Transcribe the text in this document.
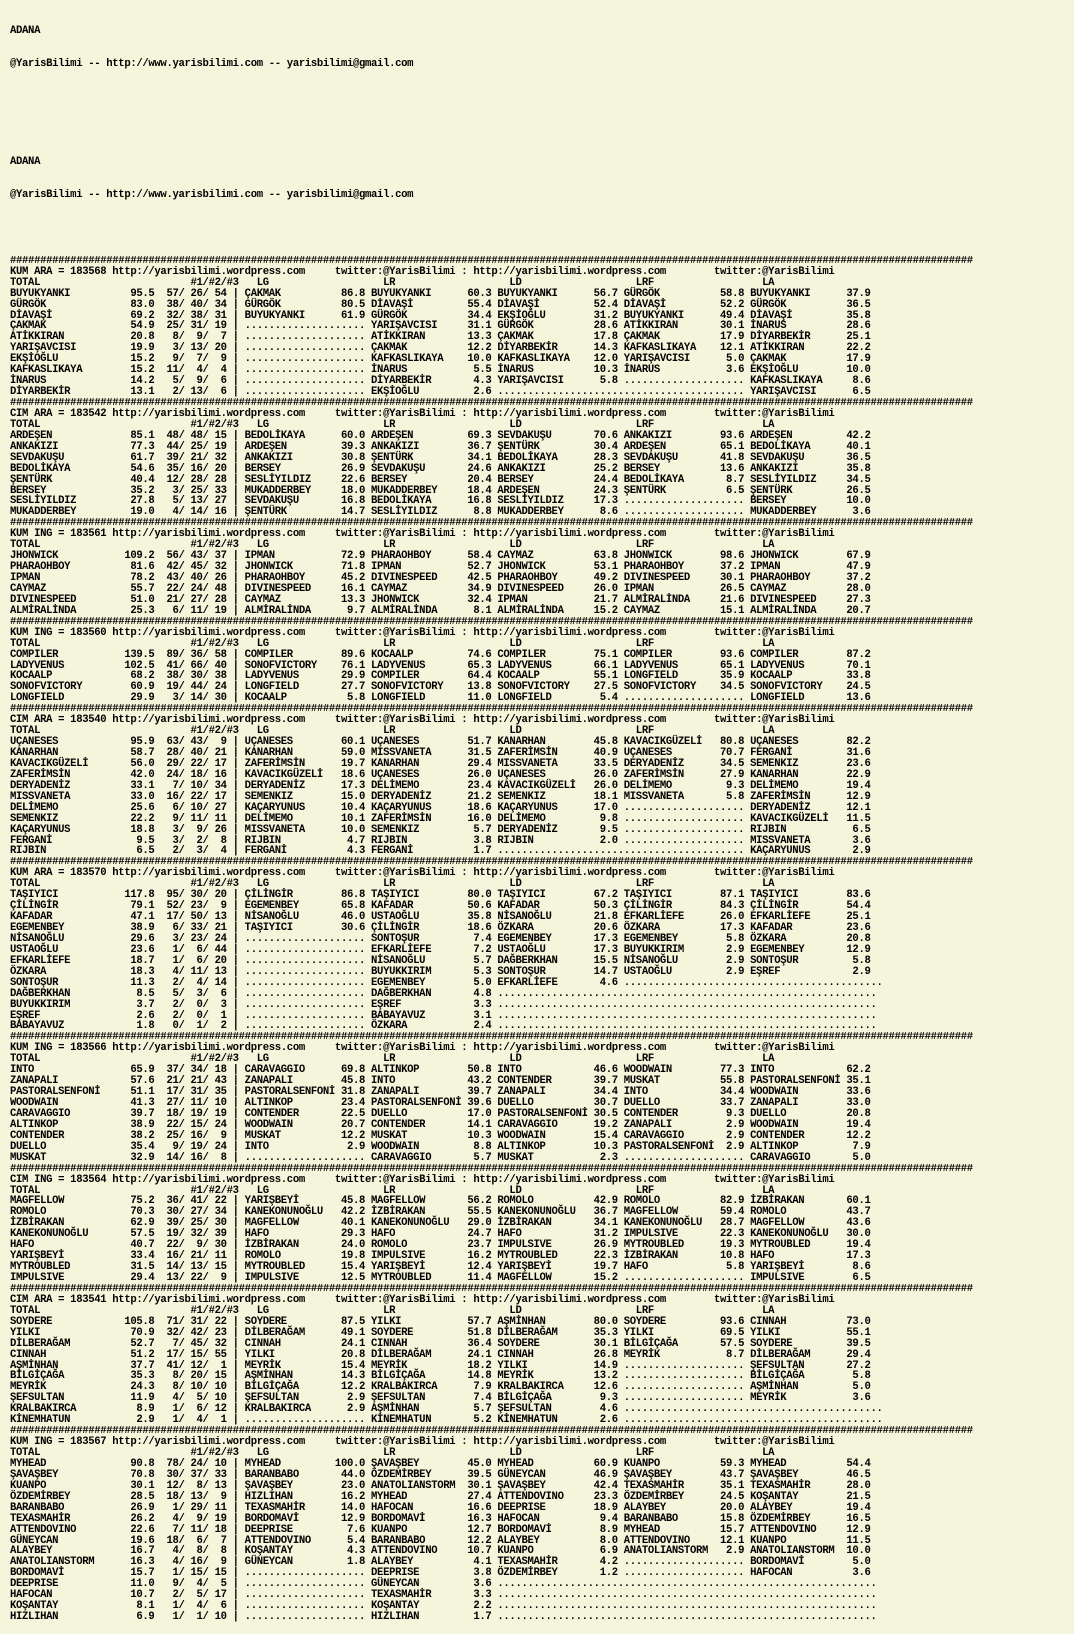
ADANA

@YarisBilimi -- http://www.yarisbilimi.com -- yarisbilimi@gmail.com

ADANA

@YarisBilimi -- http://www.yarisbilimi.com -- yarisbilimi@gmail.com

################################################################################################################################################################
KUM ARA = 183568 http://yarisbilimi.wordpress.com     twitter:@YarisBilimi : http://yarisbilimi.wordpress.com        twitter:@YarisBilimi
TOTAL                         #1/#2/#3   LG                   LR                   LD                   LRF                  LA
BUYUKYANKI          95.5  57/ 26/ 54 | ÇAKMAK          86.8 BUYUKYANKI      60.3 BUYUKYANKI      56.7 GÜRGÖK          58.8 BUYUKYANKI      37.9
GÜRGÖK              83.0  38/ 40/ 34 | GÜRGÖK          80.5 DİAVAŞİ         55.4 DİAVAŞİ         52.4 DİAVAŞİ         52.2 GÜRGÖK          36.5
DİAVAŞİ             69.2  32/ 38/ 31 | BUYUKYANKI      61.9 GÜRGÖK          34.4 EKŞİOĞLU        31.2 BUYUKYANKI      49.4 DİAVAŞİ         35.8
ÇAKMAK              54.9  25/ 31/ 19 | .................... YARIŞAVCISI     31.1 GÜRGÖK          28.6 ATİKKIRAN       30.1 İNARUS          28.6
ATİKKIRAN           20.8   8/  9/  7 | .................... ATİKKIRAN       13.3 ÇAKMAK          17.8 ÇAKMAK          17.9 DİYARBEKİR      25.1
YARIŞAVCISI         19.9   3/ 13/ 20 | .................... ÇAKMAK          12.2 DİYARBEKİR      14.3 KAFKASLIKAYA    12.1 ATİKKIRAN       22.2
EKŞİOĞLU            15.2   9/  7/  9 | .................... KAFKASLIKAYA    10.0 KAFKASLIKAYA    12.0 YARIŞAVCISI      5.0 ÇAKMAK          17.9
KAFKASLIKAYA        15.2  11/  4/  4 | .................... İNARUS           5.5 İNARUS          10.3 İNARUS           3.6 EKŞİOĞLU        10.0
İNARUS              14.2   5/  9/  6 | .................... DİYARBEKİR       4.3 YARIŞAVCISI      5.8 .................... KAFKASLIKAYA     8.6
DİYARBEKİR          13.1   2/ 13/  6 | .................... EKŞİOĞLU         2.6 ......................................... YARIŞAVCISI      6.5
################################################################################################################################################################
CIM ARA = 183542 http://yarisbilimi.wordpress.com     twitter:@YarisBilimi : http://yarisbilimi.wordpress.com        twitter:@YarisBilimi
TOTAL                         #1/#2/#3   LG                   LR                   LD                   LRF                  LA
ARDEŞEN             85.1  48/ 48/ 15 | BEDOLİKAYA      60.0 ARDEŞEN         69.3 SEVDAKUŞU       70.6 ANKAKIZI        93.6 ARDEŞEN         42.2
ANKAKIZI            77.3  44/ 25/ 19 | ARDEŞEN         39.3 ANKAKIZI        36.7 ŞENTÜRK         30.4 ARDEŞEN         65.1 BEDOLİKAYA      40.1
SEVDAKUŞU           61.7  39/ 21/ 32 | ANKAKIZI        30.8 ŞENTÜRK         34.1 BEDOLİKAYA      28.3 SEVDAKUŞU       41.8 SEVDAKUŞU       36.5
BEDOLİKAYA          54.6  35/ 16/ 20 | BERSEY          26.9 SEVDAKUŞU       24.6 ANKAKIZI        25.2 BERSEY          13.6 ANKAKIZI        35.8
ŞENTÜRK             40.4  12/ 28/ 28 | SESLİYILDIZ     22.6 BERSEY          20.4 BERSEY          24.4 BEDOLİKAYA       8.7 SESLİYILDIZ     34.5
BERSEY              35.2   3/ 25/ 33 | MUKADDERBEY     18.0 MUKADDERBEY     18.4 ARDEŞEN         24.3 ŞENTÜRK          6.5 ŞENTÜRK         26.5
SESLİYILDIZ         27.8   5/ 13/ 27 | SEVDAKUŞU       16.8 BEDOLİKAYA      16.8 SESLİYILDIZ     17.3 .................... BERSEY          10.0
MUKADDERBEY         19.0   4/ 14/ 16 | ŞENTÜRK         14.7 SESLİYILDIZ      8.8 MUKADDERBEY      8.6 .................... MUKADDERBEY      3.6
################################################################################################################################################################
KUM ING = 183561 http://yarisbilimi.wordpress.com     twitter:@YarisBilimi : http://yarisbilimi.wordpress.com        twitter:@YarisBilimi
TOTAL                         #1/#2/#3   LG                   LR                   LD                   LRF                  LA
JHONWICK           109.2  56/ 43/ 37 | IPMAN           72.9 PHARAOHBOY      58.4 CAYMAZ          63.8 JHONWICK        98.6 JHONWICK        67.9
PHARAOHBOY          81.6  42/ 45/ 32 | JHONWICK        71.8 IPMAN           52.7 JHONWICK        53.1 PHARAOHBOY      37.2 IPMAN           47.9
IPMAN               78.2  43/ 40/ 26 | PHARAOHBOY      45.2 DIVINESPEED     42.5 PHARAOHBOY      49.2 DIVINESPEED     30.1 PHARAOHBOY      37.2
CAYMAZ              55.7  22/ 24/ 48 | DIVINESPEED     16.1 CAYMAZ          34.9 DIVINESPEED     26.0 IPMAN           26.5 CAYMAZ          28.0
DIVINESPEED         51.0  21/ 27/ 28 | CAYMAZ          13.3 JHONWICK        32.4 IPMAN           21.7 ALMİRALİNDA     21.6 DIVINESPEED     27.3
ALMİRALİNDA         25.3   6/ 11/ 19 | ALMİRALİNDA      9.7 ALMİRALİNDA      8.1 ALMİRALİNDA     15.2 CAYMAZ          15.1 ALMİRALİNDA     20.7
################################################################################################################################################################
KUM ING = 183560 http://yarisbilimi.wordpress.com     twitter:@YarisBilimi : http://yarisbilimi.wordpress.com        twitter:@YarisBilimi
TOTAL                         #1/#2/#3   LG                   LR                   LD                   LRF                  LA
COMPILER           139.5  89/ 36/ 58 | COMPILER        89.6 KOCAALP         74.6 COMPILER        75.1 COMPILER        93.6 COMPILER        87.2
LADYVENUS          102.5  41/ 66/ 40 | SONOFVICTORY    76.1 LADYVENUS       65.3 LADYVENUS       66.1 LADYVENUS       65.1 LADYVENUS       70.1
KOCAALP             68.2  38/ 30/ 38 | LADYVENUS       29.9 COMPILER        64.4 KOCAALP         55.1 LONGFIELD       35.9 KOCAALP         33.8
SONOFVICTORY        60.9  19/ 44/ 24 | LONGFIELD       27.7 SONOFVICTORY    13.8 SONOFVICTORY    27.5 SONOFVICTORY    34.5 SONOFVICTORY    24.5
LONGFIELD           29.9   3/ 14/ 30 | KOCAALP          5.8 LONGFIELD       11.0 LONGFIELD        5.4 .................... LONGFIELD       13.6
################################################################################################################################################################
CIM ARA = 183540 http://yarisbilimi.wordpress.com     twitter:@YarisBilimi : http://yarisbilimi.wordpress.com        twitter:@YarisBilimi
TOTAL                         #1/#2/#3   LG                   LR                   LD                   LRF                  LA
UÇANESES            95.9  63/ 43/  9 | UÇANESES        60.1 UÇANESES        51.7 KANARHAN        45.8 KAVACIKGÜZELİ   80.8 UÇANESES        82.2
KANARHAN            58.7  28/ 40/ 21 | KANARHAN        59.0 MISSVANETA      31.5 ZAFERİMSİN      40.9 UÇANESES        70.7 FERGANİ         31.6
KAVACIKGÜZELİ       56.0  29/ 22/ 17 | ZAFERİMSİN      19.7 KANARHAN        29.4 MISSVANETA      33.5 DERYADENİZ      34.5 SEMENKIZ        23.6
ZAFERİMSİN          42.0  24/ 18/ 16 | KAVACIKGÜZELİ   18.6 UÇANESES        26.0 UÇANESES        26.0 ZAFERİMSİN      27.9 KANARHAN        22.9
DERYADENİZ          33.1   7/ 10/ 34 | DERYADENİZ      17.3 DELİMEMO        23.4 KAVACIKGÜZELİ   26.0 DELİMEMO         9.3 DELİMEMO        19.4
MISSVANETA          33.0  16/ 22/ 17 | SEMENKIZ        15.0 DERYADENİZ      21.2 SEMENKIZ        18.1 MISSVANETA       5.8 ZAFERİMSİN      12.9
DELİMEMO            25.6   6/ 10/ 27 | KAÇARYUNUS      10.4 KAÇARYUNUS      18.6 KAÇARYUNUS      17.0 .................... DERYADENİZ      12.1
SEMENKIZ            22.2   9/ 11/ 11 | DELİMEMO        10.1 ZAFERİMSİN      16.0 DELİMEMO         9.8 .................... KAVACIKGÜZELİ   11.5
KAÇARYUNUS          18.8   3/  9/ 26 | MISSVANETA      10.0 SEMENKIZ         5.7 DERYADENİZ       9.5 .................... RIJBIN           6.5
FERGANİ              9.5   3/  2/  8 | RIJBIN           4.7 RIJBIN           3.8 RIJBIN           2.0 .................... MISSVANETA       3.6
RIJBIN               6.5   2/  3/  4 | FERGANİ          4.3 FERGANİ          1.7 ......................................... KAÇARYUNUS       2.9
################################################################################################################################################################
KUM ARA = 183570 http://yarisbilimi.wordpress.com     twitter:@YarisBilimi : http://yarisbilimi.wordpress.com        twitter:@YarisBilimi
TOTAL                         #1/#2/#3   LG                   LR                   LD                   LRF                  LA
TAŞIYICI           117.8  95/ 30/ 20 | ÇİLİNGİR        86.8 TAŞIYICI        80.0 TAŞIYICI        67.2 TAŞIYICI        87.1 TAŞIYICI        83.6
ÇİLİNGİR            79.1  52/ 23/  9 | EGEMENBEY       65.8 KAFADAR         50.6 KAFADAR         50.3 ÇİLİNGİR        84.3 ÇİLİNGİR        54.4
KAFADAR             47.1  17/ 50/ 13 | NİSANOĞLU       46.0 USTAOĞLU        35.8 NİSANOĞLU       21.8 EFKARLİEFE      26.0 EFKARLİEFE      25.1
EGEMENBEY           38.9   6/ 33/ 21 | TAŞIYICI        30.6 ÇİLİNGİR        18.6 ÖZKARA          20.6 ÖZKARA          17.3 KAFADAR         23.6
NİSANOĞLU           29.6   3/ 23/ 24 | .................... SONTOŞUR         7.4 EGEMENBEY       17.3 EGEMENBEY        5.8 ÖZKARA          20.8
USTAOĞLU            23.6   1/  6/ 44 | .................... EFKARLİEFE       7.2 USTAOĞLU        17.3 BUYUKKIRIM       2.9 EGEMENBEY       12.9
EFKARLİEFE          18.7   1/  6/ 20 | .................... NİSANOĞLU        5.7 DAĞBERKHAN      15.5 NİSANOĞLU        2.9 SONTOŞUR         5.8
ÖZKARA              18.3   4/ 11/ 13 | .................... BUYUKKIRIM       5.3 SONTOŞUR        14.7 USTAOĞLU         2.9 EŞREF            2.9
SONTOŞUR            11.3   2/  4/ 14 | .................... EGEMENBEY        5.0 EFKARLİEFE       4.6 ...........................................
DAĞBERKHAN           8.5   5/  3/  6 | .................... DAĞBERKHAN       4.8 ...............................................................
BUYUKKIRIM           3.7   2/  0/  3 | .................... EŞREF            3.3 ...............................................................
EŞREF                2.6   2/  0/  1 | .................... BABAYAVUZ        3.1 ...............................................................
BABAYAVUZ            1.8   0/  1/  2 | .................... ÖZKARA           2.4 ...............................................................
################################################################################################################################################################
KUM ING = 183566 http://yarisbilimi.wordpress.com     twitter:@YarisBilimi : http://yarisbilimi.wordpress.com        twitter:@YarisBilimi
TOTAL                         #1/#2/#3   LG                   LR                   LD                   LRF                  LA
INTO                65.9  37/ 34/ 18 | CARAVAGGIO      69.8 ALTINKOP        50.8 INTO            46.6 WOODWAIN        77.3 INTO            62.2
ZANAPALI            57.6  21/ 21/ 43 | ZANAPALI        45.8 INTO            43.2 CONTENDER       39.7 MUSKAT          55.8 PASTORALSENFONİ 35.1
PASTORALSENFONİ     51.1  17/ 31/ 35 | PASTORALSENFONİ 31.8 ZANAPALI        39.7 ZANAPALI        34.4 INTO            34.4 WOODWAIN        33.6
WOODWAIN            41.3  27/ 11/ 10 | ALTINKOP        23.4 PASTORALSENFONİ 39.6 DUELLO          30.7 DUELLO          33.7 ZANAPALI        33.0
CARAVAGGIO          39.7  18/ 19/ 19 | CONTENDER       22.5 DUELLO          17.0 PASTORALSENFONİ 30.5 CONTENDER        9.3 DUELLO          20.8
ALTINKOP            38.9  22/ 15/ 24 | WOODWAIN        20.7 CONTENDER       14.1 CARAVAGGIO      19.2 ZANAPALI         2.9 WOODWAIN        19.4
CONTENDER           38.2  25/ 16/  9 | MUSKAT          12.2 MUSKAT          10.3 WOODWAIN        15.4 CARAVAGGIO       2.9 CONTENDER       12.2
DUELLO              35.4   9/ 19/ 24 | INTO             2.9 WOODWAIN         8.8 ALTINKOP        10.3 PASTORALSENFONİ  2.9 ALTINKOP         7.9
MUSKAT              32.9  14/ 16/  8 | .................... CARAVAGGIO       5.7 MUSKAT           2.3 .................... CARAVAGGIO       5.0
################################################################################################################################################################
CIM ING = 183564 http://yarisbilimi.wordpress.com     twitter:@YarisBilimi : http://yarisbilimi.wordpress.com        twitter:@YarisBilimi
TOTAL                         #1/#2/#3   LG                   LR                   LD                   LRF                  LA
MAGFELLOW           75.2  36/ 41/ 22 | YARIŞBEYİ       45.8 MAGFELLOW       56.2 ROMOLO          42.9 ROMOLO          82.9 İZBİRAKAN       60.1
ROMOLO              70.3  30/ 27/ 34 | KANEKONUNOĞLU   42.2 İZBİRAKAN       55.5 KANEKONUNOĞLU   36.7 MAGFELLOW       59.4 ROMOLO          43.7
İZBİRAKAN           62.9  39/ 25/ 30 | MAGFELLOW       40.1 KANEKONUNOĞLU   29.0 İZBİRAKAN       34.1 KANEKONUNOĞLU   28.7 MAGFELLOW       43.6
KANEKONUNOĞLU       57.5  19/ 32/ 39 | HAFO            29.3 HAFO            24.7 HAFO            31.2 IMPULSIVE       22.3 KANEKONUNOĞLU   30.0
HAFO                40.7  22/  9/ 30 | İZBİRAKAN       24.0 ROMOLO          23.7 IMPULSIVE       26.9 MYTROUBLED      19.3 MYTROUBLED      19.4
YARIŞBEYİ           33.4  16/ 21/ 11 | ROMOLO          19.8 IMPULSIVE       16.2 MYTROUBLED      22.3 İZBİRAKAN       10.8 HAFO            17.3
MYTROUBLED          31.5  14/ 13/ 15 | MYTROUBLED      15.4 YARIŞBEYİ       12.4 YARIŞBEYİ       19.7 HAFO             5.8 YARIŞBEYİ        8.6
IMPULSIVE           29.4  13/ 22/  9 | IMPULSIVE       12.5 MYTROUBLED      11.4 MAGFELLOW       15.2 .................... IMPULSIVE        6.5
################################################################################################################################################################
CIM ARA = 183541 http://yarisbilimi.wordpress.com     twitter:@YarisBilimi : http://yarisbilimi.wordpress.com        twitter:@YarisBilimi
TOTAL                         #1/#2/#3   LG                   LR                   LD                   LRF                  LA
SOYDERE            105.8  71/ 31/ 22 | SOYDERE         87.5 YILKI           57.7 AŞMİNHAN        80.0 SOYDERE         93.6 CINNAH          73.0
YILKI               70.9  32/ 42/ 23 | DİLBERAĞAM      49.1 SOYDERE         51.8 DİLBERAĞAM      35.3 YILKI           69.5 YILKI           55.1
DİLBERAĞAM          52.7   7/ 45/ 32 | CINNAH          24.1 CINNAH          36.4 SOYDERE         30.1 BİLGİÇAĞA       57.5 SOYDERE         39.5
CINNAH              51.2  17/ 15/ 55 | YILKI           20.8 DİLBERAĞAM      24.1 CINNAH          26.8 MEYRİK           8.7 DİLBERAĞAM      29.4
AŞMİNHAN            37.7  41/ 12/  1 | MEYRİK          15.4 MEYRİK          18.2 YILKI           14.9 .................... ŞEFSULTAN       27.2
BİLGİÇAĞA           35.3   8/ 20/ 15 | AŞMİNHAN        14.3 BİLGİÇAĞA       14.8 MEYRİK          13.2 .................... BİLGİÇAĞA        5.8
MEYRİK              24.3   8/ 10/ 10 | BİLGİÇAĞA       12.2 KRALBAKIRCA      7.9 KRALBAKIRCA     12.6 .................... AŞMİNHAN         5.0
ŞEFSULTAN           11.9   4/  5/ 10 | ŞEFSULTAN        2.9 ŞEFSULTAN        7.4 BİLGİÇAĞA        9.3 .................... MEYRİK           3.6
KRALBAKIRCA          8.9   1/  6/ 12 | KRALBAKIRCA      2.9 AŞMİNHAN         5.7 ŞEFSULTAN        4.6 ...........................................
KİNEMHATUN           2.9   1/  4/  1 | .................... KİNEMHATUN       5.2 KİNEMHATUN       2.6 ...........................................
################################################################################################################################################################
KUM ING = 183567 http://yarisbilimi.wordpress.com     twitter:@YarisBilimi : http://yarisbilimi.wordpress.com        twitter:@YarisBilimi
TOTAL                         #1/#2/#3   LG                   LR                   LD                   LRF                  LA
MYHEAD              90.8  78/ 24/ 10 | MYHEAD         100.0 ŞAVAŞBEY        45.0 MYHEAD          60.9 KUANPO          59.3 MYHEAD          54.4
ŞAVAŞBEY            70.8  30/ 37/ 33 | BARANBABO       44.0 ÖZDEMİRBEY      39.5 GÜNEYCAN        46.9 ŞAVAŞBEY        43.7 ŞAVAŞBEY        46.5
KUANPO              30.1  12/  8/ 13 | ŞAVAŞBEY        23.0 ANATOLIANSTORM  30.1 ŞAVAŞBEY        42.4 TEXASMAHİR      35.1 TEXASMAHİR      28.0
ÖZDEMİRBEY          28.5  18/ 13/  9 | HIZLIHAN        16.2 MYHEAD          27.4 ATTENDOVINO     23.3 ÖZDEMİRBEY      24.5 KOŞANTAY        21.5
BARANBABO           26.9   1/ 29/ 11 | TEXASMAHİR      14.0 HAFOCAN         16.6 DEEPRISE        18.9 ALAYBEY         20.0 ALAYBEY         19.4
TEXASMAHİR          26.2   4/  9/ 19 | BORDOMAVİ       12.9 BORDOMAVİ       16.3 HAFOCAN          9.4 BARANBABO       15.8 ÖZDEMİRBEY      16.5
ATTENDOVINO         22.6   7/ 11/ 18 | DEEPRISE         7.6 KUANPO          12.7 BORDOMAVİ        8.9 MYHEAD          15.7 ATTENDOVINO     12.9
GÜNEYCAN            19.6  18/  6/  7 | ATTENDOVINO      5.4 BARANBABO       12.2 ALAYBEY          8.0 ATTENDOVINO     12.1 KUANPO          11.5
ALAYBEY             16.7   4/  8/  8 | KOŞANTAY         4.3 ATTENDOVINO     10.7 KUANPO           6.9 ANATOLIANSTORM   2.9 ANATOLIANSTORM  10.0
ANATOLIANSTORM      16.3   4/ 16/  9 | GÜNEYCAN         1.8 ALAYBEY          4.1 TEXASMAHİR       4.2 .................... BORDOMAVİ        5.0
BORDOMAVİ           15.7   1/ 15/ 15 | .................... DEEPRISE         3.8 ÖZDEMİRBEY       1.2 .................... HAFOCAN          3.6
DEEPRISE            11.0   9/  4/  5 | .................... GÜNEYCAN         3.6 ...............................................................
HAFOCAN             10.7   2/  5/ 17 | .................... TEXASMAHİR       3.3 ...............................................................
KOŞANTAY             8.1   1/  4/  6 | .................... KOŞANTAY         2.2 ...............................................................
HIZLIHAN             6.9   1/  1/ 10 | .................... HIZLIHAN         1.7 ...............................................................
